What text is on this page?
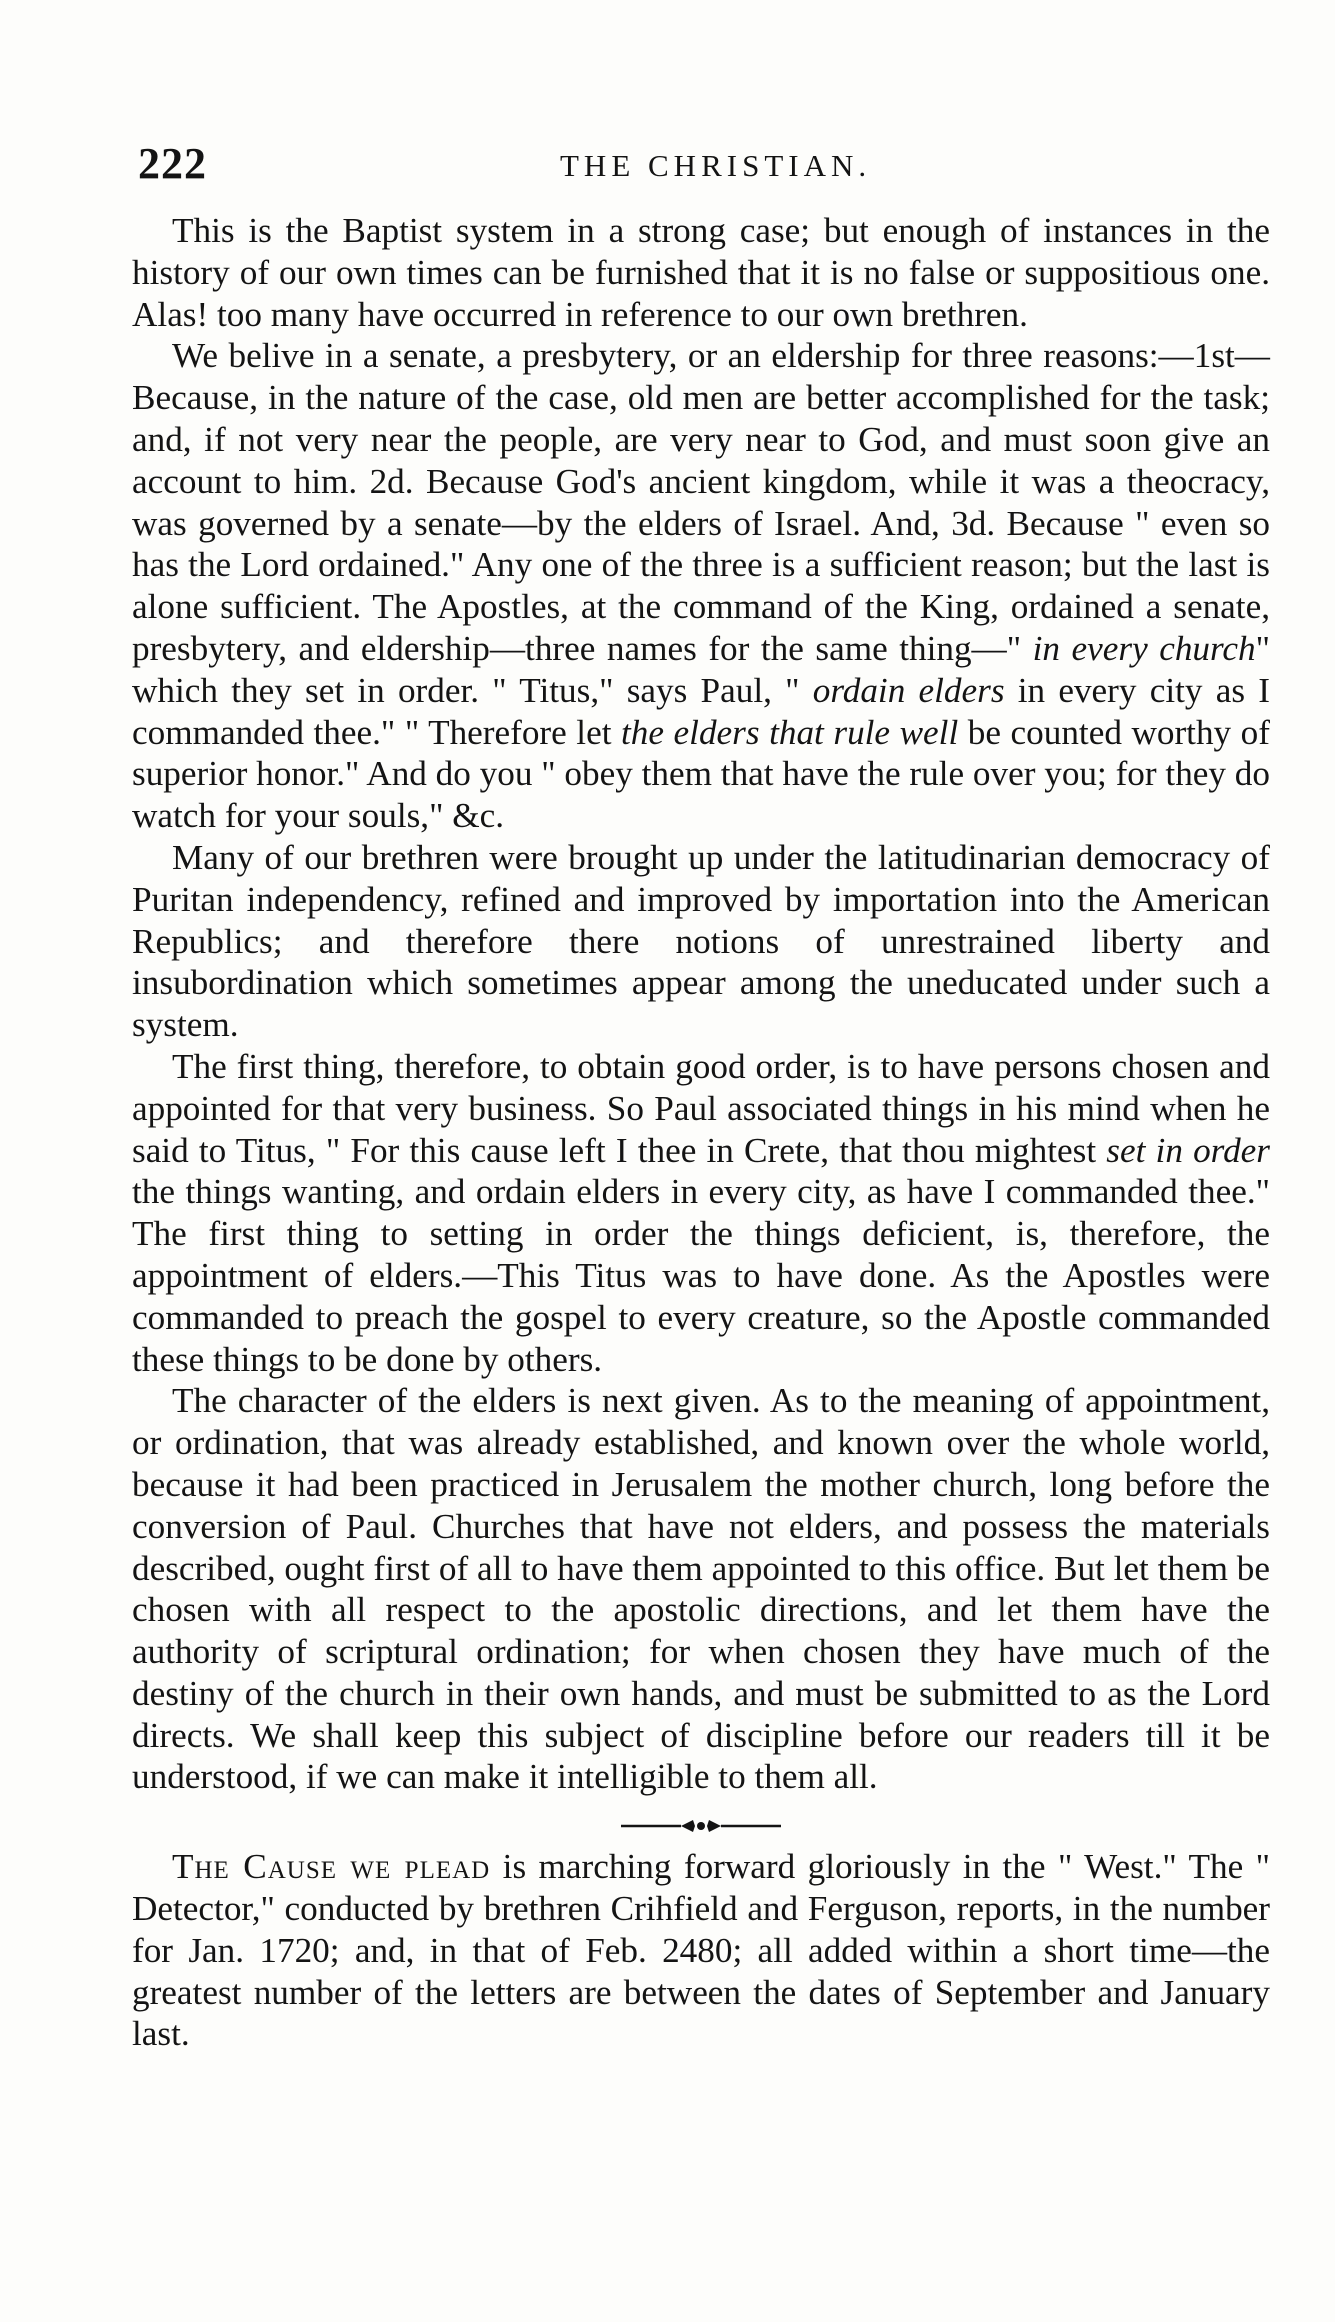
222	THE CHRISTIAN.

This is the Baptist system in a strong case; but enough of instances in the history of our own times can be furnished that it is no false or suppositious one. Alas! too many have occurred in reference to our own brethren.

We belive in a senate, a presbytery, or an eldership for three reasons:—1st—Because, in the nature of the case, old men are better accomplished for the task; and, if not very near the people, are very near to God, and must soon give an account to him. 2d. Because God's ancient kingdom, while it was a theocracy, was governed by a senate—by the elders of Israel. And, 3d. Because " even so has the Lord ordained." Any one of the three is a sufficient reason; but the last is alone sufficient. The Apostles, at the command of the King, ordained a senate, presbytery, and eldership—three names for the same thing—" in every church" which they set in order. " Titus," says Paul, " ordain elders in every city as I commanded thee." " Therefore let the elders that rule well be counted worthy of superior honor." And do you " obey them that have the rule over you; for they do watch for your souls," &c.

Many of our brethren were brought up under the latitudinarian democracy of Puritan independency, refined and improved by importation into the American Republics; and therefore there notions of unrestrained liberty and insubordination which sometimes appear among the uneducated under such a system.

The first thing, therefore, to obtain good order, is to have persons chosen and appointed for that very business. So Paul associated things in his mind when he said to Titus, " For this cause left I thee in Crete, that thou mightest set in order the things wanting, and ordain elders in every city, as have I commanded thee." The first thing to setting in order the things deficient, is, therefore, the appointment of elders.—This Titus was to have done. As the Apostles were commanded to preach the gospel to every creature, so the Apostle commanded these things to be done by others.

The character of the elders is next given. As to the meaning of appointment, or ordination, that was already established, and known over the whole world, because it had been practiced in Jerusalem the mother church, long before the conversion of Paul. Churches that have not elders, and possess the materials described, ought first of all to have them appointed to this office. But let them be chosen with all respect to the apostolic directions, and let them have the authority of scriptural ordination; for when chosen they have much of the destiny of the church in their own hands, and must be submitted to as the Lord directs. We shall keep this subject of discipline before our readers till it be understood, if we can make it intelligible to them all.

The Cause we plead is marching forward gloriously in the " West." The " Detector," conducted by brethren Crihfield and Ferguson, reports, in the number for Jan. 1720; and, in that of Feb. 2480; all added within a short time—the greatest number of the letters are between the dates of September and January last.
